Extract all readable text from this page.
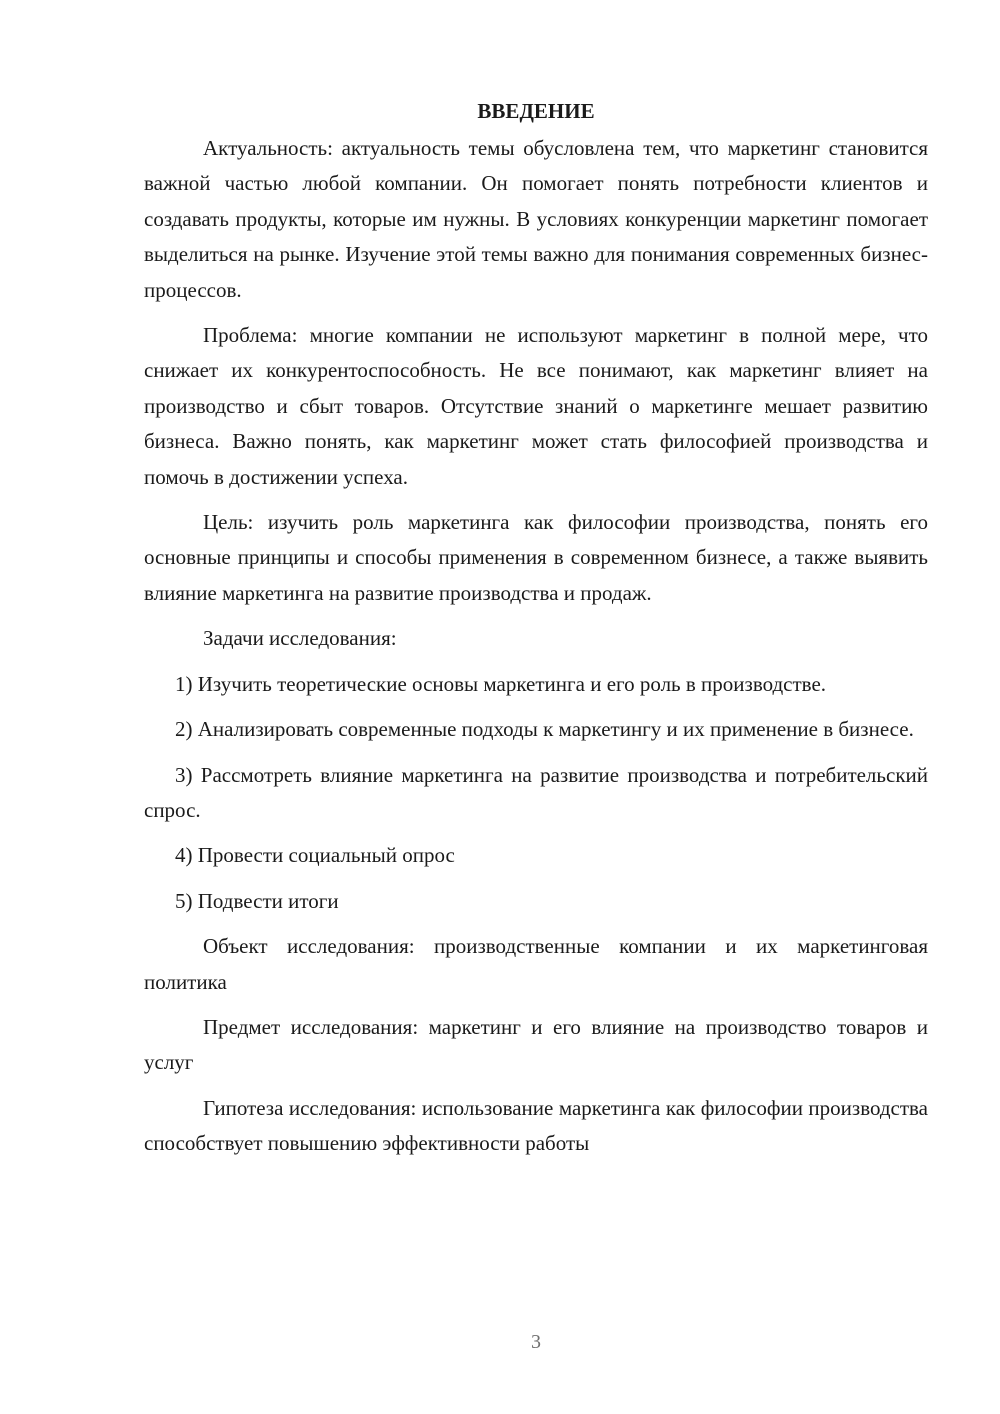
ВВЕДЕНИЕ

Актуальность: актуальность темы обусловлена тем, что маркетинг становится важной частью любой компании. Он помогает понять потребности клиентов и создавать продукты, которые им нужны. В условиях конкуренции маркетинг помогает выделиться на рынке. Изучение этой темы важно для понимания современных бизнес-процессов.

Проблема: многие компании не используют маркетинг в полной мере, что снижает их конкурентоспособность. Не все понимают, как маркетинг влияет на производство и сбыт товаров. Отсутствие знаний о маркетинге мешает развитию бизнеса. Важно понять, как маркетинг может стать философией производства и помочь в достижении успеха.

Цель: изучить роль маркетинга как философии производства, понять его основные принципы и способы применения в современном бизнесе, а также выявить влияние маркетинга на развитие производства и продаж.

Задачи исследования:

1) Изучить теоретические основы маркетинга и его роль в производстве.

2) Анализировать современные подходы к маркетингу и их применение в бизнесе.

3) Рассмотреть влияние маркетинга на развитие производства и потребительский спрос.

4) Провести социальный опрос

5) Подвести итоги

Объект исследования: производственные компании и их маркетинговая политика

Предмет исследования: маркетинг и его влияние на производство товаров и услуг

Гипотеза исследования: использование маркетинга как философии производства способствует повышению эффективности работы

3
